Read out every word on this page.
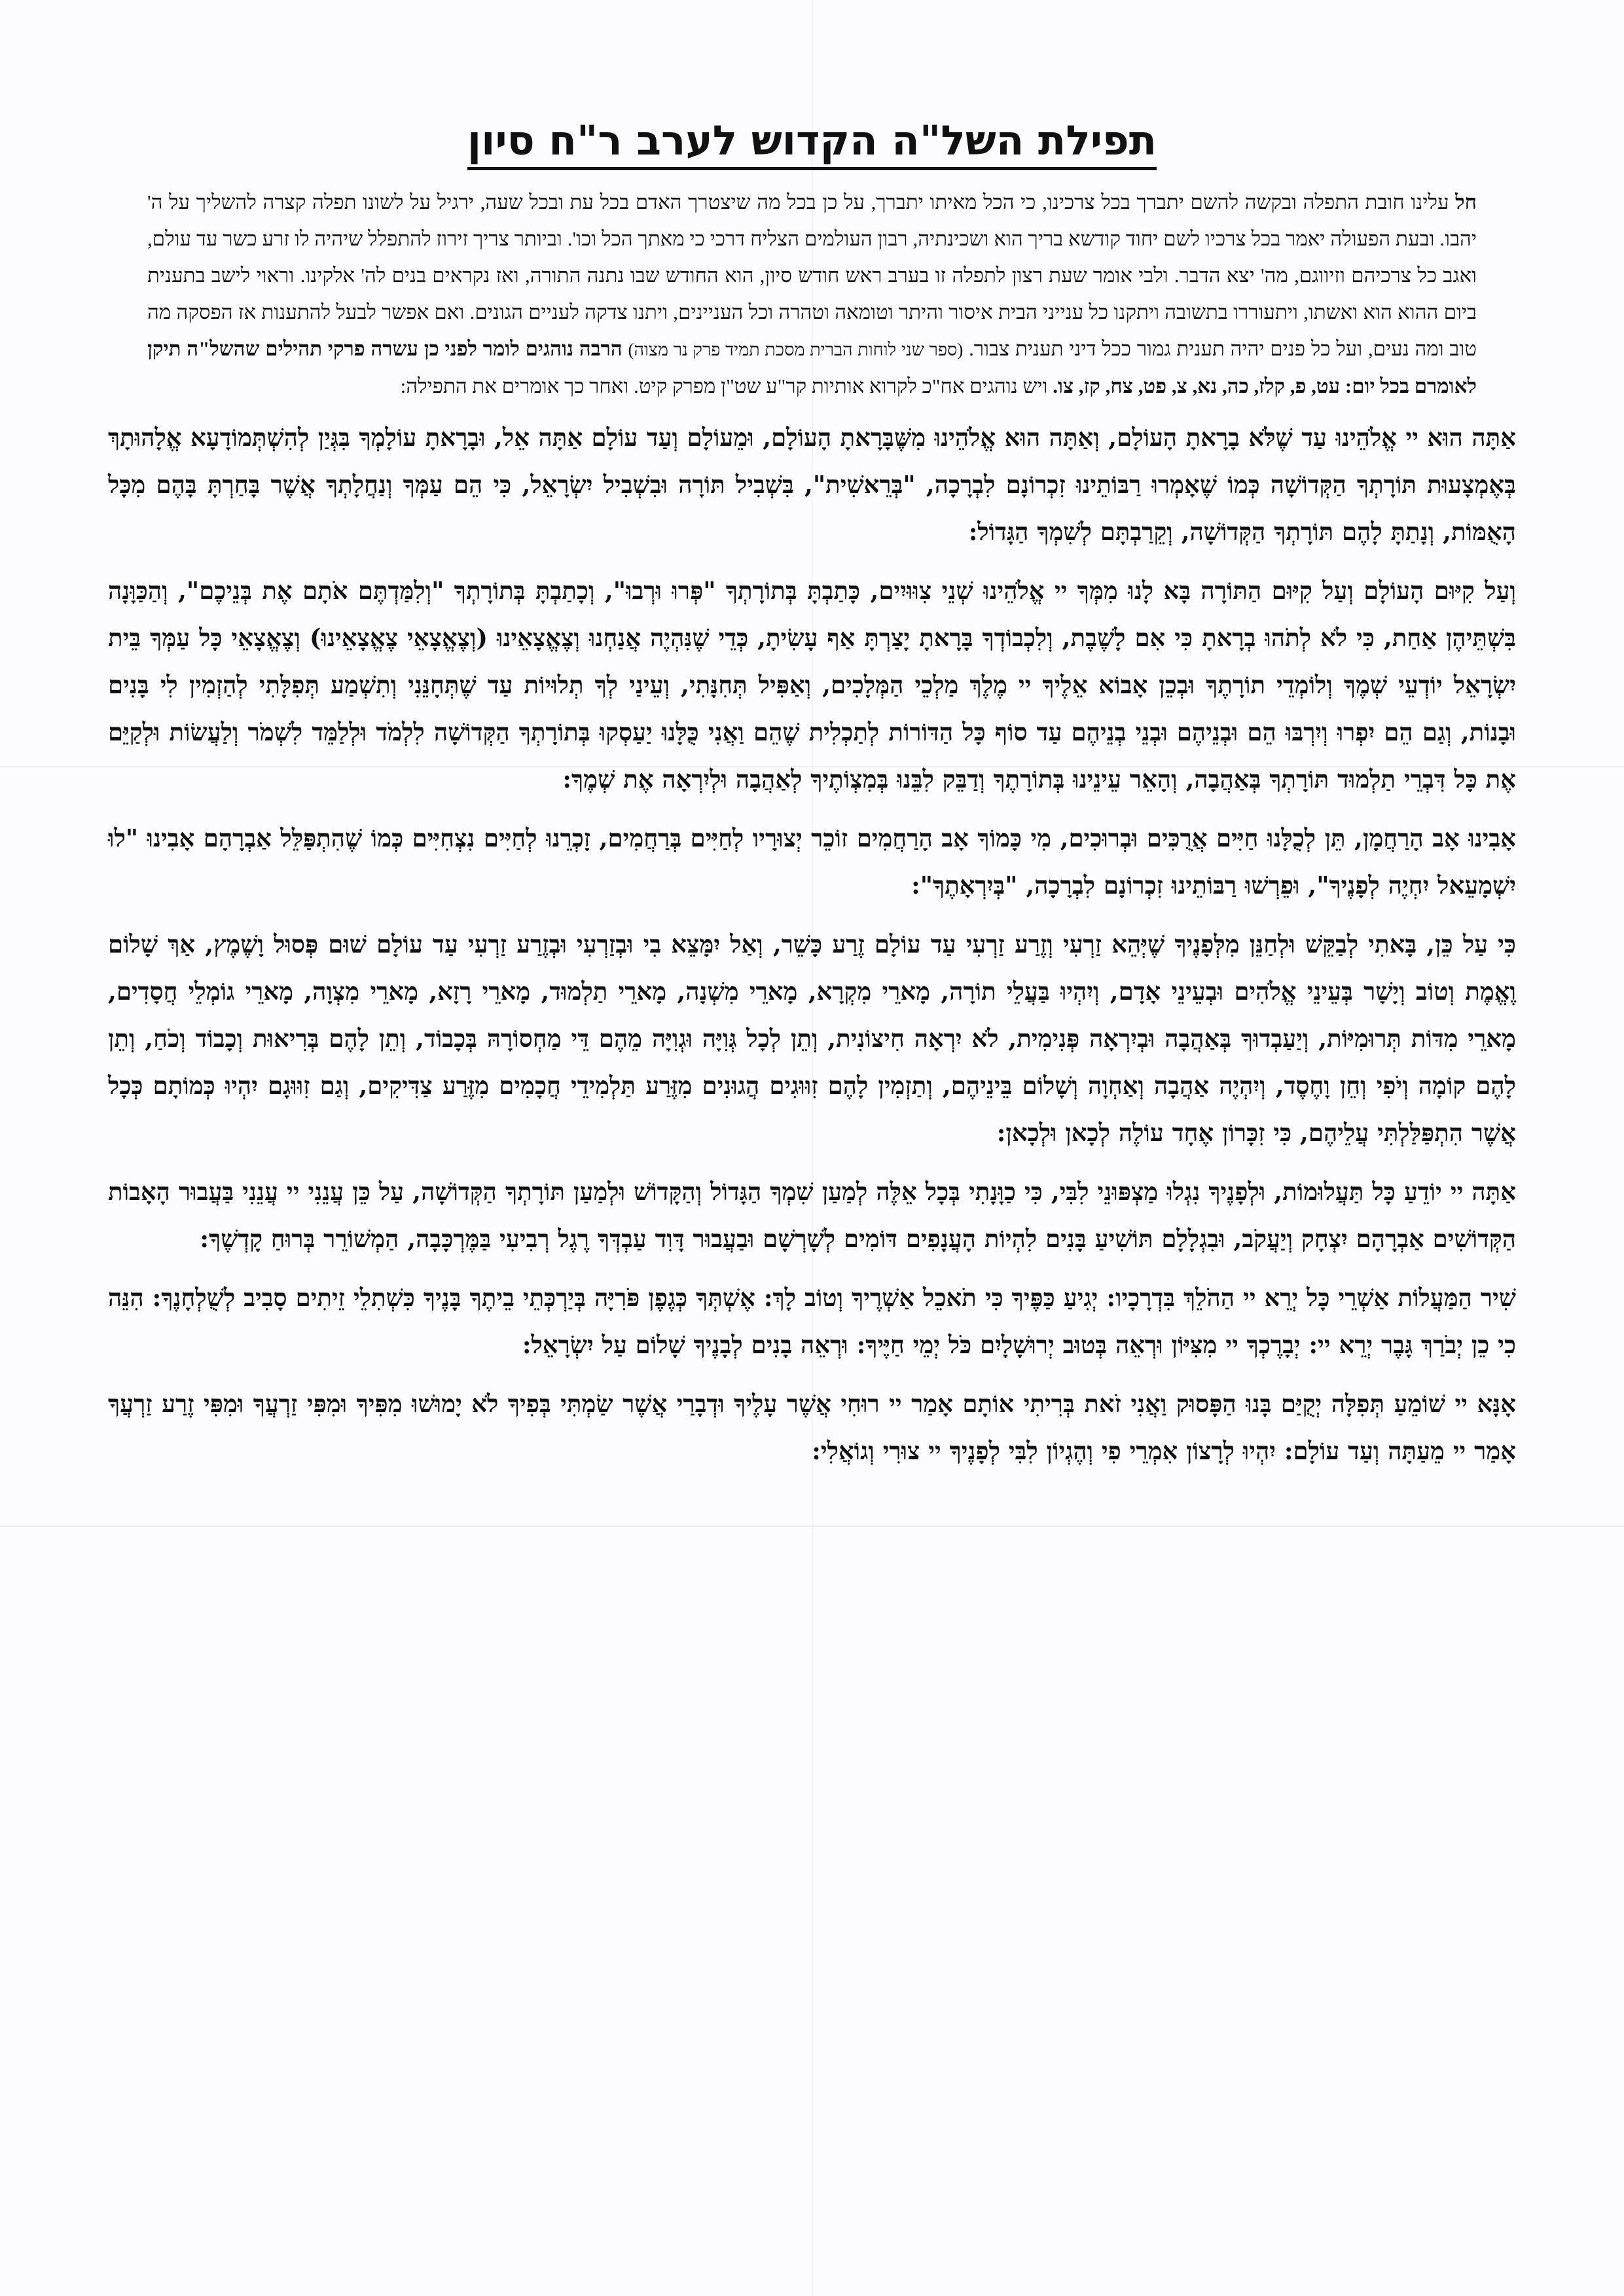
תפילת השל"ה הקדוש לערב ר"ח סיון
חל עלינו חובת התפלה ובקשה להשם יתברך בכל צרכינו, כי הכל מאיתו יתברך, על כן בכל מה שיצטרך האדם בכל עת ובכל שעה, ירגיל על לשונו תפלה קצרה להשליך על ה' יהבו. ובעת הפעולה יאמר בכל צרכיו לשם יחוד קודשא בריך הוא ושכינתיה, רבון העולמים הצליח דרכי כי מאתך הכל וכו'. וביותר צריך זירוז להתפלל שיהיה לו זרע כשר עד עולם, ואגב כל צרכיהם וזיווגם, מה' יצא הדבר. ולבי אומר שעת רצון לתפלה זו בערב ראש חודש סיון, הוא החודש שבו נתנה התורה, ואז נקראים בנים לה' אלקינו. וראוי לישב בתענית ביום ההוא הוא ואשתו, ויתעוררו בתשובה ויתקנו כל ענייני הבית איסור והיתר וטומאה וטהרה וכל העניינים, ויתנו צדקה לעניים הגונים. ואם אפשר לבעל להתענות אז הפסקה מה טוב ומה נעים, ועל כל פנים יהיה תענית גמור ככל דיני תענית צבור. (ספר שני לוחות הברית מסכת תמיד פרק נר מצוה) הרבה נוהגים לומר לפני כן עשרה פרקי תהילים שהשל"ה תיקן לאומרם בכל יום: עט, פ, קלז, כה, נא, צ, פט, צח, קז, צו. ויש נוהגים אח"כ לקרוא אותיות קר"ע שט"ן מפרק קיט. ואחר כך אומרים את התפילה:

אַתָּה הוּא יי אֱלֹהֵינוּ עַד שֶׁלֹּא בָרָאתָ הָעוֹלָם, וְאַתָּה הוּא אֱלֹהֵינוּ מִשֶּׁבָּרָאתָ הָעוֹלָם, וּמֵעוֹלָם וְעַד עוֹלָם אַתָּה אֵל, וּבָרָאתָ עוֹלָמְךָ בִּגְּיַן לְהִשְׁתְּמוֹדָעָא אֱלָהוּתָךְ בְּאֶמְצָעוּת תּוֹרָתְךָ הַקְּדוֹשָׁה כְּמוֹ שֶׁאָמְרוּ רַבּוֹתֵינוּ זִכְרוֹנָם לִבְרָכָה, "בְּרֵאשִׁית", בִּשְׁבִיל תּוֹרָה וּבִשְׁבִיל יִשְׂרָאֵל, כִּי הֵם עַמְּךָ וְנַחֲלָתְךָ אֲשֶׁר בָּחַרְתָּ בָּהֶם מִכָּל הָאֻמּוֹת, וְנָתַתָּ לָהֶם תּוֹרָתְךָ הַקְּדוֹשָׁה, וְקֵרַבְתָּם לְשִׁמְךָ הַגָּדוֹל:

וְעַל קִיּוּם הָעוֹלָם וְעַל קִיּוּם הַתּוֹרָה בָּא לָנוּ מִמְּךָ יי אֱלֹהֵינוּ שְׁנֵי צִוּוּיִים, כָּתַבְתָּ בְּתוֹרָתְךָ "פְּרוּ וּרְבוּ", וְכָתַבְתָּ בְּתוֹרָתְךָ "וְלִמַּדְתֶּם אֹתָם אֶת בְּנֵיכֶם", וְהַכַּוָּנָה בִּשְׁתֵּיהֶן אַחַת, כִּי לֹא לְתֹהוּ בְרָאתָ כִּי אִם לָשֶׁבֶת, וְלִכְבוֹדְךָ בָּרָאתָ יָצַרְתָּ אַף עָשִׂיתָ, כְּדֵי שֶׁנִּהְיֶה אֲנַחְנוּ וְצֶאֱצָאֵינוּ (וְצֶאֱצָאֵי צֶאֱצָאֵינוּ) וְצֶאֱצָאֵי כָּל עַמְּךָ בֵּית יִשְׂרָאֵל יוֹדְעֵי שְׁמֶךָ וְלוֹמְדֵי תוֹרָתֶךָ וּבְכֵן אָבוֹא אֵלֶיךָ יי מֶלֶךְ מַלְכֵי הַמְּלָכִים, וְאַפִּיל תְּחִנָּתִי, וְעֵינַי לְךָ תְלוּיוֹת עַד שֶׁתְּחָנֵּנִי וְתִשְׁמַע תְּפִלָּתִי לְהַזְמִין לִי בָּנִים וּבָנוֹת, וְגַם הֵם יִפְרוּ וְיִרְבּוּ הֵם וּבְנֵיהֶם וּבְנֵי בְנֵיהֶם עַד סוֹף כָּל הַדּוֹרוֹת לְתַכְלִית שֶׁהֵם וַאֲנִי כֻּלָּנוּ יַעַסְקוּ בְּתוֹרָתְךָ הַקְּדוֹשָׁה לִלְמֹד וּלְלַמֵּד לִשְׁמֹר וְלַעֲשׂוֹת וּלְקַיֵּם אֶת כָּל דִּבְרֵי תַלְמוּד תּוֹרָתְךָ בְּאַהֲבָה, וְהָאֵר עֵינֵינוּ בְּתוֹרָתֶךָ וְדַבֵּק לִבֵּנוּ בְּמִצְוֹתֶיךָ לְאַהֲבָה וּלְיִרְאָה אֶת שְׁמֶךָ:

אָבִינוּ אָב הָרַחֲמָן, תֵּן לְכֻלָּנוּ חַיִּים אֲרֻכִּים וּבְרוּכִים, מִי כָּמוֹךָ אָב הָרַחֲמִים זוֹכֵר יְצוּרָיו לְחַיִּים בְּרַחֲמִים, זָכְרֵנוּ לְחַיִּים נִצְחִיִּים כְּמוֹ שֶׁהִתְפַּלֵּל אַבְרָהָם אָבִינוּ "לוּ יִשְׁמָעֵאל יִחְיֶה לְפָנֶיךָ", וּפֵרְשׁוּ רַבּוֹתֵינוּ זִכְרוֹנָם לִבְרָכָה, "בְּיִרְאָתֶךָ":

כִּי עַל כֵּן, בָּאתִי לְבַקֵּשׁ וּלְחַנֵּן מִלְּפָנֶיךָ שֶׁיְּהֵא זַרְעִי וְזֶרַע זַרְעִי עַד עוֹלָם זֶרַע כָּשֵׁר, וְאַל יִמָּצֵא בִי וּבְזַרְעִי וּבְזֶרַע זַרְעִי עַד עוֹלָם שׁוּם פְּסוּל וָשֶׁמֶץ, אַךְ שָׁלוֹם וֶאֱמֶת וְטוֹב וְיָשָׁר בְּעֵינֵי אֱלֹהִים וּבְעֵינֵי אָדָם, וְיִהְיוּ בַּעֲלֵי תוֹרָה, מָארֵי מִקְרָא, מָארֵי מִשְׁנָה, מָארֵי תַלְמוּד, מָארֵי רָזָא, מָארֵי מִצְוָה, מָארֵי גוֹמְלֵי חֲסָדִים, מָארֵי מִדּוֹת תְּרוּמִיּוֹת, וְיַעַבְדוּךָ בְּאַהֲבָה וּבְיִרְאָה פְּנִימִית, לֹא יִרְאָה חִיצוֹנִית, וְתֵן לְכָל גְּוִיָּה וּגְוִיָּה מֵהֶם דֵּי מַחְסוֹרָהּ בְּכָבוֹד, וְתֵן לָהֶם בְּרִיאוּת וְכָבוֹד וְכֹחַ, וְתֵן לָהֶם קוֹמָה וְיֹפִי וְחֵן וָחֶסֶד, וְיִהְיֶה אַהֲבָה וְאַחְוָה וְשָׁלוֹם בֵּינֵיהֶם, וְתַזְמִין לָהֶם זִוּוּגִים הֲגוּנִים מִזֶּרַע תַּלְמִידֵי חֲכָמִים מִזֶּרַע צַדִּיקִים, וְגַם זִוּוּגָם יִהְיוּ כְּמוֹתָם כְּכָל אֲשֶׁר הִתְפַּלַּלְתִּי עֲלֵיהֶם, כִּי זִכָּרוֹן אֶחָד עוֹלֶה לְכָאן וּלְכָאן:

אַתָּה יי יוֹדֵעַ כָּל תַּעֲלוּמוֹת, וּלְפָנֶיךָ נִגְלוּ מַצְפּוּנֵי לִבִּי, כִּי כַוָּנָתִי בְּכָל אֵלֶּה לְמַעַן שִׁמְךָ הַגָּדוֹל וְהַקָּדוֹשׁ וּלְמַעַן תּוֹרָתְךָ הַקְּדוֹשָׁה, עַל כֵּן עֲנֵנִי יי עֲנֵנִי בַּעֲבוּר הָאָבוֹת הַקְּדוֹשִׁים אַבְרָהָם יִצְחָק וְיַעֲקֹב, וּבִגְלָלָם תּוֹשִׁיעַ בָּנִים לִהְיוֹת הָעֲנָפִים דּוֹמִים לְשָׁרְשָׁם וּבַעֲבוּר דָּוִד עַבְדְּךָ רֶגֶל רְבִיעִי בַּמֶּרְכָּבָה, הַמְשׁוֹרֵר בְּרוּחַ קָדְשֶׁךָ:

שִׁיר הַמַּעֲלוֹת אַשְׁרֵי כָּל יְרֵא יי הַהֹלֵךְ בִּדְרָכָיו: יְגִיעַ כַּפֶּיךָ כִּי תֹאכֵל אַשְׁרֶיךָ וְטוֹב לָךְ: אֶשְׁתְּךָ כְּגֶפֶן פֹּרִיָּה בְּיַרְכְּתֵי בֵיתֶךָ בָּנֶיךָ כִּשְׁתִלֵי זֵיתִים סָבִיב לְשֻׁלְחָנֶךָ: הִנֵּה כִי כֵן יְבֹרַךְ גָּבֶר יְרֵא יי: יְבָרֶכְךָ יי מִצִּיּוֹן וּרְאֵה בְּטוּב יְרוּשָׁלָיִם כֹּל יְמֵי חַיֶּיךָ: וּרְאֵה בָנִים לְבָנֶיךָ שָׁלוֹם עַל יִשְׂרָאֵל:

אָנָּא יי שׁוֹמֵעַ תְּפִלָּה יְקֻיַּם בָּנוּ הַפָּסוּק וַאֲנִי זֹאת בְּרִיתִי אוֹתָם אָמַר יי רוּחִי אֲשֶׁר עָלֶיךָ וּדְבָרַי אֲשֶׁר שַׂמְתִּי בְּפִיךָ לֹא יָמוּשׁוּ מִפִּיךָ וּמִפִּי זַרְעֲךָ וּמִפִּי זֶרַע זַרְעֲךָ אָמַר יי מֵעַתָּה וְעַד עוֹלָם: יִהְיוּ לְרָצוֹן אִמְרֵי פִי וְהֶגְיוֹן לִבִּי לְפָנֶיךָ יי צוּרִי וְגוֹאֲלִי:
